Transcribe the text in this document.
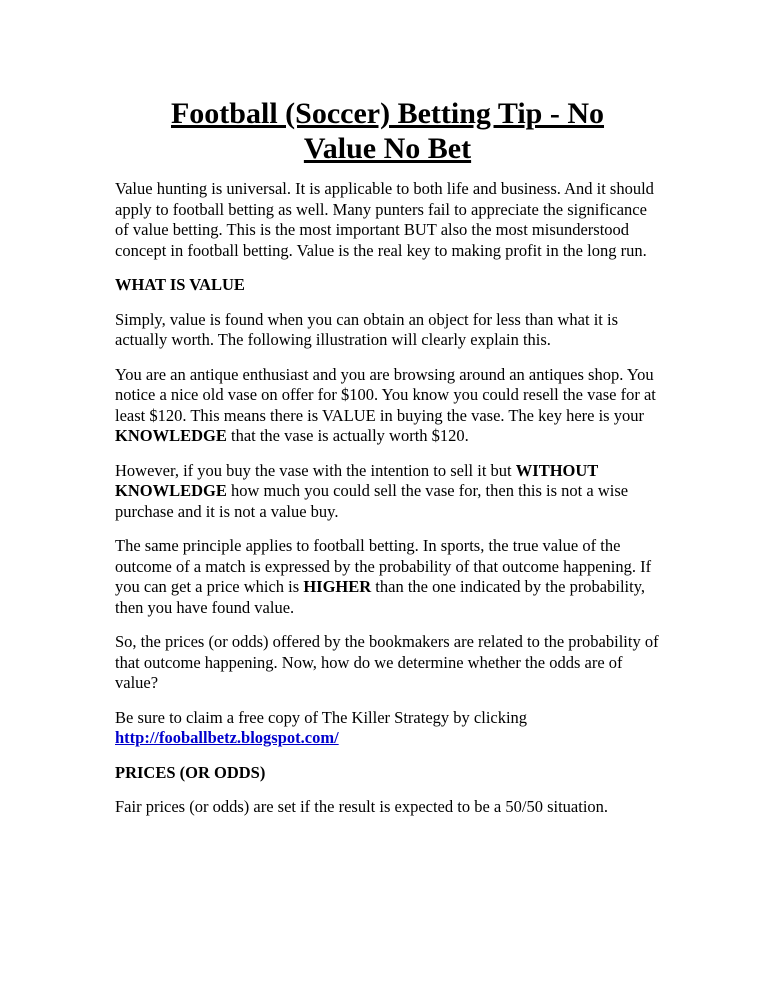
Football (Soccer) Betting Tip - No
Value No Bet

Value hunting is universal. It is applicable to both life and business. And it should apply to football betting as well. Many punters fail to appreciate the significance of value betting. This is the most important BUT also the most misunderstood concept in football betting. Value is the real key to making profit in the long run.

WHAT IS VALUE

Simply, value is found when you can obtain an object for less than what it is actually worth. The following illustration will clearly explain this.

You are an antique enthusiast and you are browsing around an antiques shop. You notice a nice old vase on offer for $100. You know you could resell the vase for at least $120. This means there is VALUE in buying the vase. The key here is your KNOWLEDGE that the vase is actually worth $120.

However, if you buy the vase with the intention to sell it but WITHOUT KNOWLEDGE how much you could sell the vase for, then this is not a wise purchase and it is not a value buy.

The same principle applies to football betting. In sports, the true value of the outcome of a match is expressed by the probability of that outcome happening. If you can get a price which is HIGHER than the one indicated by the probability, then you have found value.

So, the prices (or odds) offered by the bookmakers are related to the probability of that outcome happening. Now, how do we determine whether the odds are of value?

Be sure to claim a free copy of The Killer Strategy by clicking
http://fooballbetz.blogspot.com/

PRICES (OR ODDS)

Fair prices (or odds) are set if the result is expected to be a 50/50 situation.
